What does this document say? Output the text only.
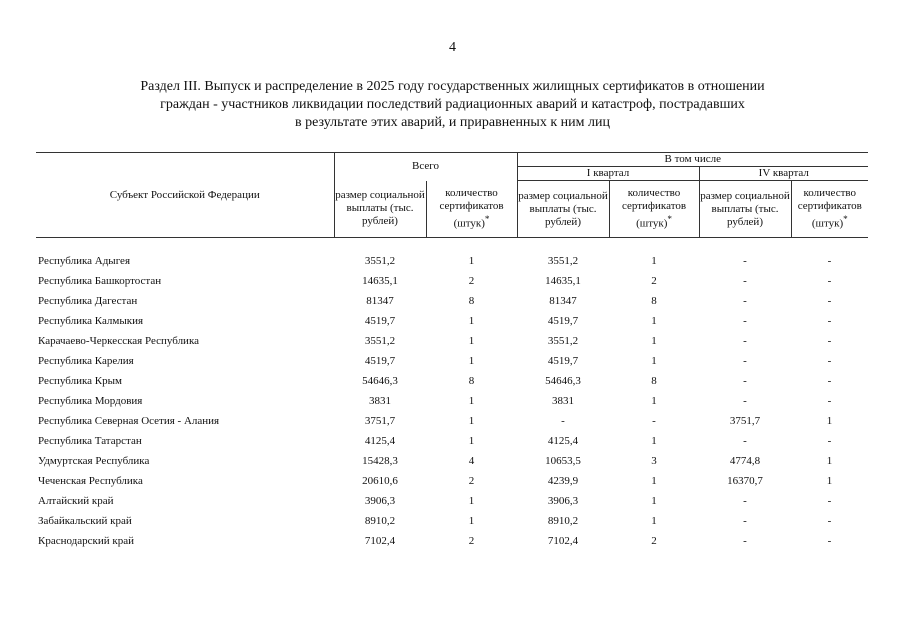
4
Раздел III. Выпуск и распределение в 2025 году государственных жилищных сертификатов в отношении
граждан - участников ликвидации последствий радиационных аварий и катастроф, пострадавших
в результате этих аварий, и приравненных к ним лиц
Субъект Российской Федерации	Всего		В том числе			
			I квартал		IV квартал	
	размер социальной выплаты (тыс. рублей)	количество сертификатов (штук)*	размер социальной выплаты (тыс. рублей)	количество сертификатов (штук)*	размер социальной выплаты (тыс. рублей)	количество сертификатов (штук)*

Республика Адыгея	3551,2	1	3551,2	1	-	-
Республика Башкортостан	14635,1	2	14635,1	2	-	-
Республика Дагестан	81347	8	81347	8	-	-
Республика Калмыкия	4519,7	1	4519,7	1	-	-
Карачаево-Черкесская Республика	3551,2	1	3551,2	1	-	-
Республика Карелия	4519,7	1	4519,7	1	-	-
Республика Крым	54646,3	8	54646,3	8	-	-
Республика Мордовия	3831	1	3831	1	-	-
Республика Северная Осетия - Алания	3751,7	1	-	-	3751,7	1
Республика Татарстан	4125,4	1	4125,4	1	-	-
Удмуртская Республика	15428,3	4	10653,5	3	4774,8	1
Чеченская Республика	20610,6	2	4239,9	1	16370,7	1
Алтайский край	3906,3	1	3906,3	1	-	-
Забайкальский край	8910,2	1	8910,2	1	-	-
Краснодарский край	7102,4	2	7102,4	2	-	-
